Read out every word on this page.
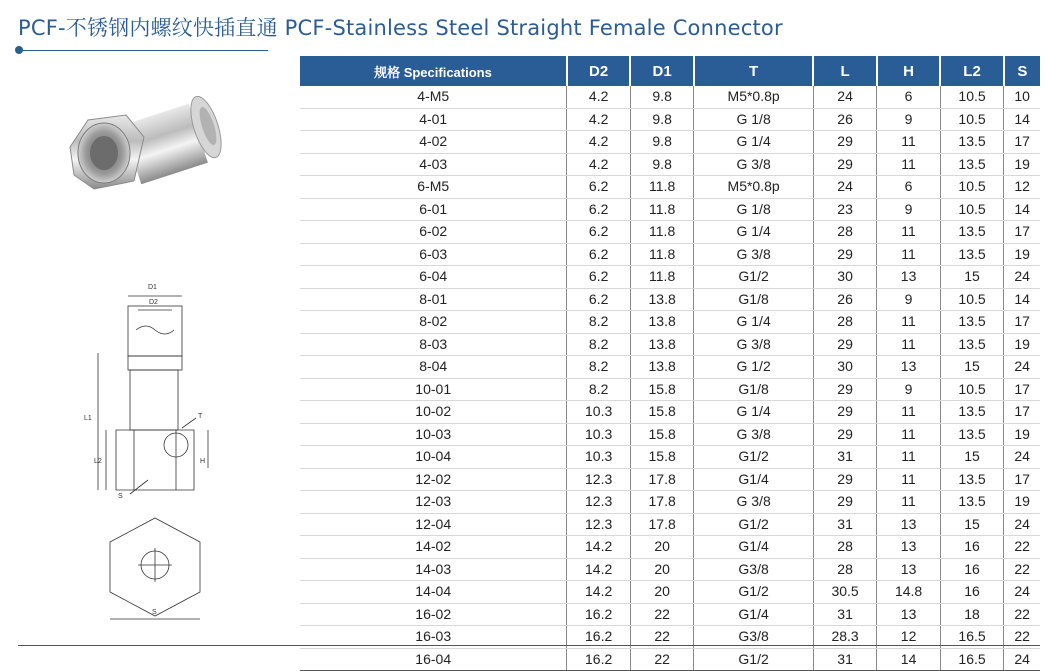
PCF-不锈钢内螺纹快插直通 PCF-Stainless Steel Straight Female Connector
D1
D2
L1
L2	H
T
S
S
规格 Specifications	D2	D1	T	L	H	L2	S
4-M5	4.2	9.8	M5*0.8p	24	6	10.5	10
4-01	4.2	9.8	G 1/8	26	9	10.5	14
4-02	4.2	9.8	G 1/4	29	11	13.5	17
4-03	4.2	9.8	G 3/8	29	11	13.5	19
6-M5	6.2	11.8	M5*0.8p	24	6	10.5	12
6-01	6.2	11.8	G 1/8	23	9	10.5	14
6-02	6.2	11.8	G 1/4	28	11	13.5	17
6-03	6.2	11.8	G 3/8	29	11	13.5	19
6-04	6.2	11.8	G1/2	30	13	15	24
8-01	6.2	13.8	G1/8	26	9	10.5	14
8-02	8.2	13.8	G 1/4	28	11	13.5	17
8-03	8.2	13.8	G 3/8	29	11	13.5	19
8-04	8.2	13.8	G 1/2	30	13	15	24
10-01	8.2	15.8	G1/8	29	9	10.5	17
10-02	10.3	15.8	G 1/4	29	11	13.5	17
10-03	10.3	15.8	G 3/8	29	11	13.5	19
10-04	10.3	15.8	G1/2	31	11	15	24
12-02	12.3	17.8	G1/4	29	11	13.5	17
12-03	12.3	17.8	G 3/8	29	11	13.5	19
12-04	12.3	17.8	G1/2	31	13	15	24
14-02	14.2	20	G1/4	28	13	16	22
14-03	14.2	20	G3/8	28	13	16	22
14-04	14.2	20	G1/2	30.5	14.8	16	24
16-02	16.2	22	G1/4	31	13	18	22
16-03	16.2	22	G3/8	28.3	12	16.5	22
16-04	16.2	22	G1/2	31	14	16.5	24
